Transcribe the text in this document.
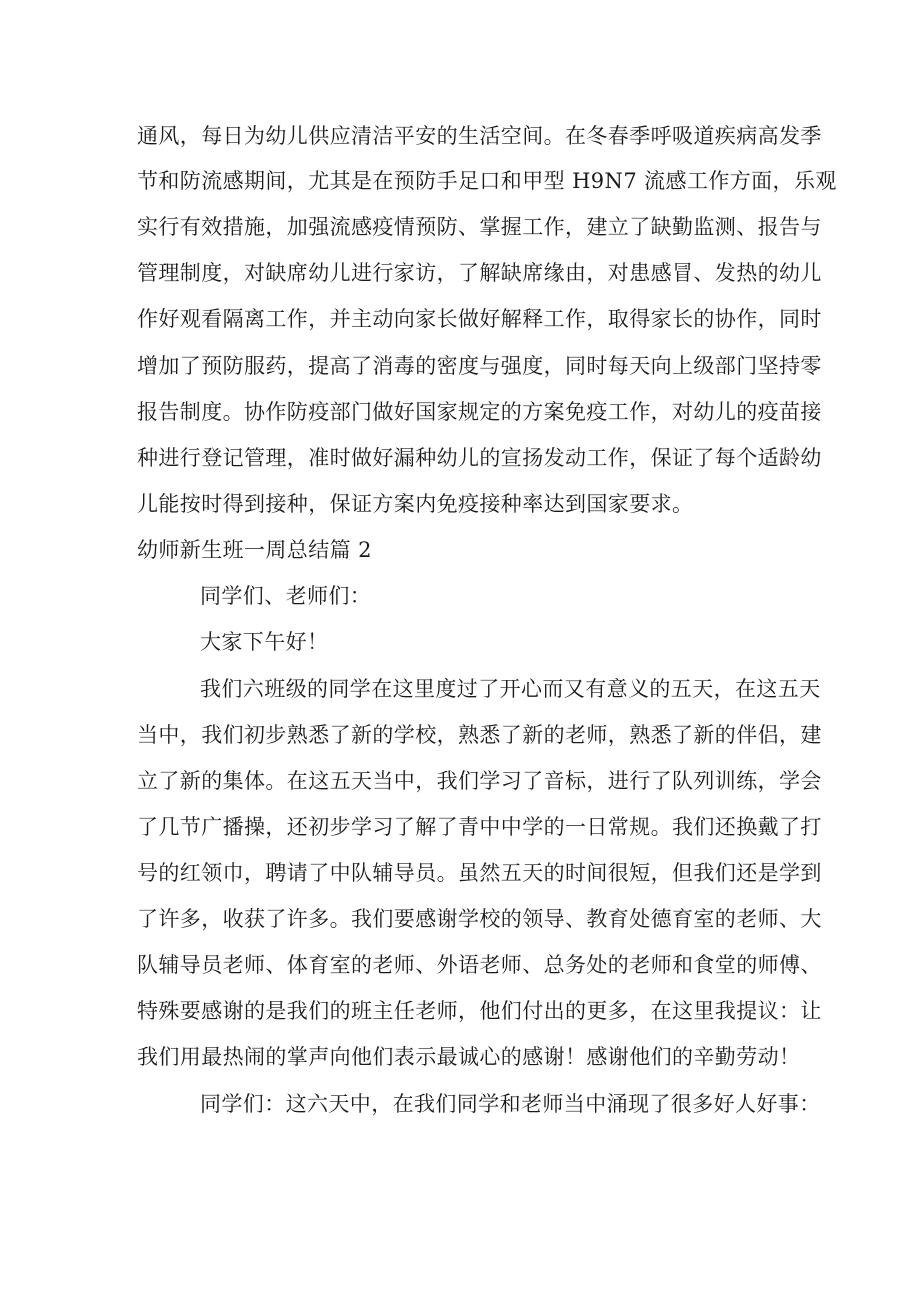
通风，每日为幼儿供应清洁平安的生活空间。在冬春季呼吸道疾病高发季
节和防流感期间，尤其是在预防手足口和甲型 H9N7 流感工作方面，乐观
实行有效措施，加强流感疫情预防、掌握工作，建立了缺勤监测、报告与
管理制度，对缺席幼儿进行家访，了解缺席缘由，对患感冒、发热的幼儿
作好观看隔离工作，并主动向家长做好解释工作，取得家长的协作，同时
增加了预防服药，提高了消毒的密度与强度，同时每天向上级部门坚持零
报告制度。协作防疫部门做好国家规定的方案免疫工作，对幼儿的疫苗接
种进行登记管理，准时做好漏种幼儿的宣扬发动工作，保证了每个适龄幼
儿能按时得到接种，保证方案内免疫接种率达到国家要求。
幼师新生班一周总结篇 2
同学们、老师们：
大家下午好！
我们六班级的同学在这里度过了开心而又有意义的五天，在这五天
当中，我们初步熟悉了新的学校，熟悉了新的老师，熟悉了新的伴侣，建
立了新的集体。在这五天当中，我们学习了音标，进行了队列训练，学会
了几节广播操，还初步学习了解了青中中学的一日常规。我们还换戴了打
号的红领巾，聘请了中队辅导员。虽然五天的时间很短，但我们还是学到
了许多，收获了许多。我们要感谢学校的领导、教育处德育室的老师、大
队辅导员老师、体育室的老师、外语老师、总务处的老师和食堂的师傅、
特殊要感谢的是我们的班主任老师，他们付出的更多，在这里我提议：让
我们用最热闹的掌声向他们表示最诚心的感谢！感谢他们的辛勤劳动！
同学们：这六天中，在我们同学和老师当中涌现了很多好人好事：
